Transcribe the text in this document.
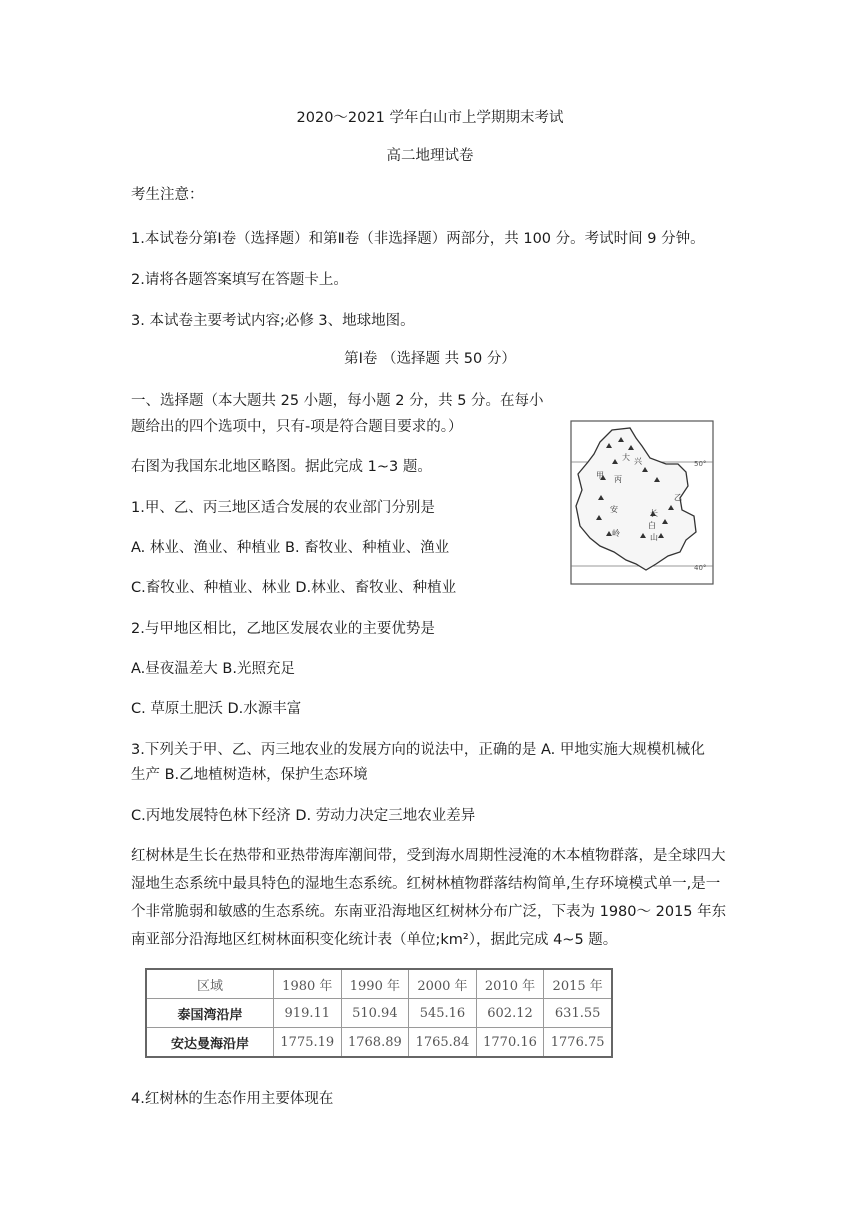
2020～2021 学年白山市上学期期末考试
高二地理试卷
考生注意：
1.本试卷分第Ⅰ卷（选择题）和第Ⅱ卷（非选择题）两部分，共 100 分。考试时间 9 分钟。
2.请将各题答案填写在答题卡上。
3. 本试卷主要考试内容;必修 3、地球地图。
第Ⅰ卷 （选择题 共 50 分）
一、选择题（本大题共 25 小题，每小题 2 分，共 5 分。在每小
题给出的四个选项中，只有-项是符合题目要求的。）
右图为我国东北地区略图。据此完成 1~3 题。
1.甲、乙、丙三地区适合发展的农业部门分别是
A. 林业、渔业、种植业 B. 畜牧业、种植业、渔业
C.畜牧业、种植业、林业 D.林业、畜牧业、种植业
2.与甲地区相比，乙地区发展农业的主要优势是
A.昼夜温差大 B.光照充足
C. 草原土肥沃 D.水源丰富
3.下列关于甲、乙、丙三地农业的发展方向的说法中，正确的是 A. 甲地实施大规模机械化
生产 B.乙地植树造林，保护生态环境
C.丙地发展特色林下经济 D. 劳动力决定三地农业差异
红树林是生长在热带和亚热带海库潮间带，受到海水周期性浸淹的木本植物群落，是全球四大湿地生态系统中最具特色的湿地生态系统。红树林植物群落结构简单,生存环境模式单一,是一个非常脆弱和敏感的生态系统。东南亚沿海地区红树林分布广泛，下表为 1980～ 2015 年东南亚部分沿海地区红树林面积变化统计表（单位;km²），据此完成 4~5 题。
大 兴
甲 丙
安
岭
长
白
山
乙
50°
40°
区域	1980 年	1990 年	2000 年	2010 年	2015 年
泰国湾沿岸	919.11	510.94	545.16	602.12	631.55
安达曼海沿岸	1775.19	1768.89	1765.84	1770.16	1776.75
4.红树林的生态作用主要体现在
